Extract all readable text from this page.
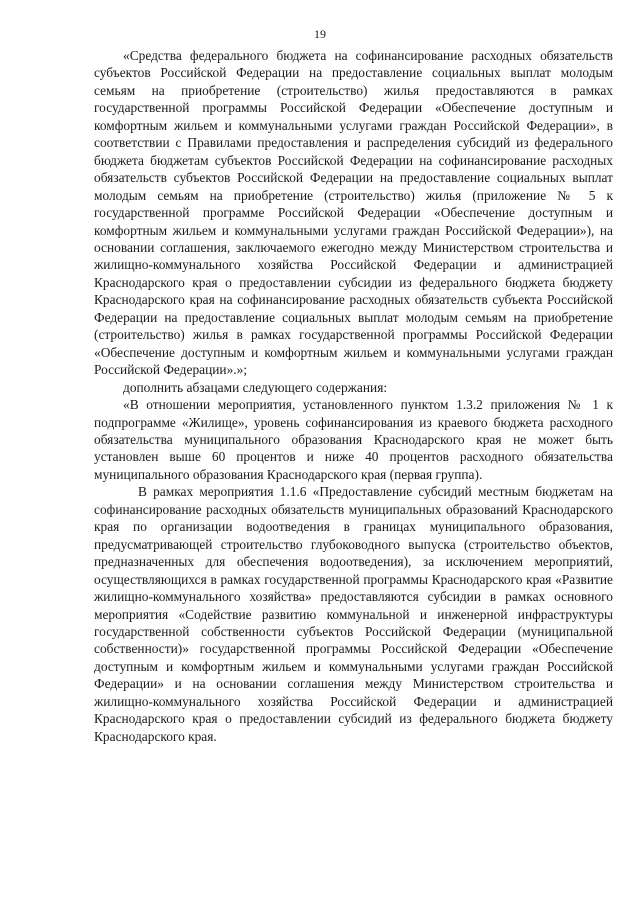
19

«Средства федерального бюджета на софинансирование расходных обязательств субъектов Российской Федерации на предоставление социальных выплат молодым семьям на приобретение (строительство) жилья предоставляются в рамках государственной программы Российской Федерации «Обеспечение доступным и комфортным жильем и коммунальными услугами граждан Российской Федерации», в соответствии с Правилами предоставления и распределения субсидий из федерального бюджета бюджетам субъектов Российской Федерации на софинансирование расходных обязательств субъектов Российской Федерации на предоставление социальных выплат молодым семьям на приобретение (строительство) жилья (приложение № 5 к государственной программе Российской Федерации «Обеспечение доступным и комфортным жильем и коммунальными услугами граждан Российской Федерации»), на основании соглашения, заключаемого ежегодно между Министерством строительства и жилищно-коммунального хозяйства Российской Федерации и администрацией Краснодарского края о предоставлении субсидии из федерального бюджета бюджету Краснодарского края на софинансирование расходных обязательств субъекта Российской Федерации на предоставление социальных выплат молодым семьям на приобретение (строительство) жилья в рамках государственной программы Российской Федерации «Обеспечение доступным и комфортным жильем и коммунальными услугами граждан Российской Федерации».»;

дополнить абзацами следующего содержания:

«В отношении мероприятия, установленного пунктом 1.3.2 приложения № 1 к подпрограмме «Жилище», уровень софинансирования из краевого бюджета расходного обязательства муниципального образования Краснодарского края не может быть установлен выше 60 процентов и ниже 40 процентов расходного обязательства муниципального образования Краснодарского края (первая группа).

В рамках мероприятия 1.1.6 «Предоставление субсидий местным бюджетам на софинансирование расходных обязательств муниципальных образований Краснодарского края по организации водоотведения в границах муниципального образования, предусматривающей строительство глубоководного выпуска (строительство объектов, предназначенных для обеспечения водоотведения), за исключением мероприятий, осуществляющихся в рамках государственной программы Краснодарского края «Развитие жилищно-коммунального хозяйства» предоставляются субсидии в рамках основного мероприятия «Содействие развитию коммунальной и инженерной инфраструктуры государственной собственности субъектов Российской Федерации (муниципальной собственности)» государственной программы Российской Федерации «Обеспечение доступным и комфортным жильем и коммунальными услугами граждан Российской Федерации» и на основании соглашения между Министерством строительства и жилищно-коммунального хозяйства Российской Федерации и администрацией Краснодарского края о предоставлении субсидий из федерального бюджета бюджету Краснодарского края.
